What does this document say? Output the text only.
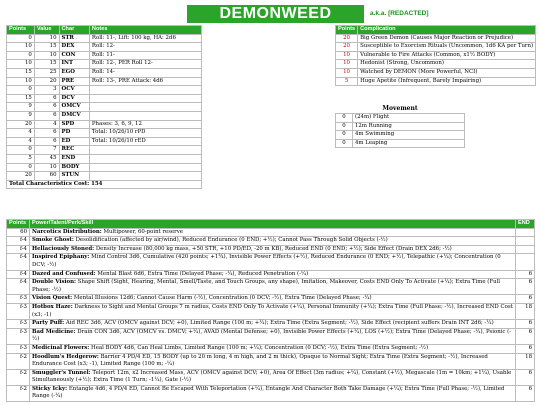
DEMONWEED	a.k.a. [REDACTED]
Points	Value	Char	Notes
0	10	STR	Roll: 11-, Lift: 100 kg, HA: 2d6
10	15	DEX	Roll: 12-
0	10	CON	Roll: 11-
10	15	INT	Roll: 12-, PER Roll 12-
15	25	EGO	Roll: 14-
10	20	PRE	Roll: 13-, PRE Attack: 4d6
0	3	OCV	
15	6	DCV	
9	6	OMCV	
9	6	DMCV	
20	4	SPD	Phases: 3, 6, 9, 12
4	6	PD	Total: 10/26/10 rPD
4	6	ED	Total: 10/26/10 rED
0	7	REC	
5	45	END	
0	10	BODY	
20	60	STUN	
Total Characteristics Cost: 154			
Points	Complication
20	Big Green Demon (Causes Major Reaction or Prejudice)
20	Susceptible to Exorcism Rituals (Uncommon, 1d6 KA per Turn)
10	Vulnerable to Fire Attacks (Common, x1½ BODY)
10	Hedonist (Strong, Uncommon)
10	Watched by DEMON (More Powerful, NCI)
5	Huge Apetite (Infrequent, Barely Impairing)
Movement
0	(24m) Flight
0	12m Running
0	4m Swimming
0	4m Leaping
Points	Power/Talent/Perk/Skill	END
60	Narcotics Distribution: Multipower, 60-point reserve	
f-4	Smoke Ghost: Desolidification (affected by air/wind), Reduced Endurance (0 END; +½); Cannot Pass Through Solid Objects (-½)	
f-4	Hellaciously Stoned: Density Increase (80,000 kg mass, +50 STR, +10 PD/ED, -20 m KB), Reduced END (0 END; +½); Side Effect (Drain DEX 2d6; -½)	
f-4	Inspired Epiphany: Mind Control 3d6, Cumulative (420 points; +1¾), Invisible Power Effects (+½), Reduced Endurance (0 END; +½), Telepathic (+¼); Concentration (0 DCV; -½)	
f-4	Dazed and Confused: Mental Blast 6d6, Extra Time (Delayed Phase; -¼), Reduced Penetration (-¼)	6
f-4	Double Vision: Shape Shift (Sight, Hearing, Mental, Smell/Taste, and Touch Groups, any shape), Imitation, Makeover, Costs END Only To Activate (+¼); Extra Time (Full Phase; -½)	6
f-3	Vision Quest: Mental Illusions 12d6; Cannot Cause Harm (-½), Concentration (0 DCV; -½), Extra Time (Delayed Phase; -¼)	6
f-3	Hotbox Haze: Darkness to Sight and Mental Groups 7 m radius, Costs END Only To Activate (+¼), Personal Immunity (+¼); Extra Time (Full Phase; -½), Increased END Cost (x3; -1)	18
f-3	Party Puff: Aid REC 3d6, ACV (OMCV against DCV; +0), Limited Range (100 m; +¼); Extra Time (Extra Segment; -½), Side Effect (recipient suffers Drain INT 2d6; -¼)	6
f-3	Bad Medicine: Drain CON 3d6, ACV (OMCV vs. DMCV; +¼), AVAD (Mental Defense; +0), Invisible Power Effects (+¼), LOS (+½); Extra Time (Delayed Phase; -¼), Psionic (-½)	6
f-3	Medicinal Flowers: Heal BODY 4d6, Can Heal Limbs, Limited Range (100 m; +¼); Concentration (0 DCV; -½), Extra Time (Extra Segment; -½)	6
f-2	Hoodlum's Hedgerow: Barrier 4 PD/4 ED, 15 BODY (up to 20 m long, 4 m high, and 2 m thick), Opaque to Normal Sight; Extra Time (Extra Segment; -½), Increased Endurance Cost (x3; -1), Limited Range (100 m; -¼)	18
f-2	Smuggler's Tunnel: Teleport 12m, x2 Increased Mass, ACV (OMCV against DCV; +0), Area Of Effect (3m radius; +¼), Constant (+½), Megascale (1m = 10km; +1¼), Usable Simultaneously (+½); Extra Time (1 Turn; -1¼), Gate (-½)	6
f-2	Sticky Icky: Entangle 4d6, 4 PD/4 ED, Cannot Be Escaped With Teleportation (+¼), Entangle And Character Both Take Damage (+¼); Extra Time (Full Phase; -½), Limited Range (-¼)	6
